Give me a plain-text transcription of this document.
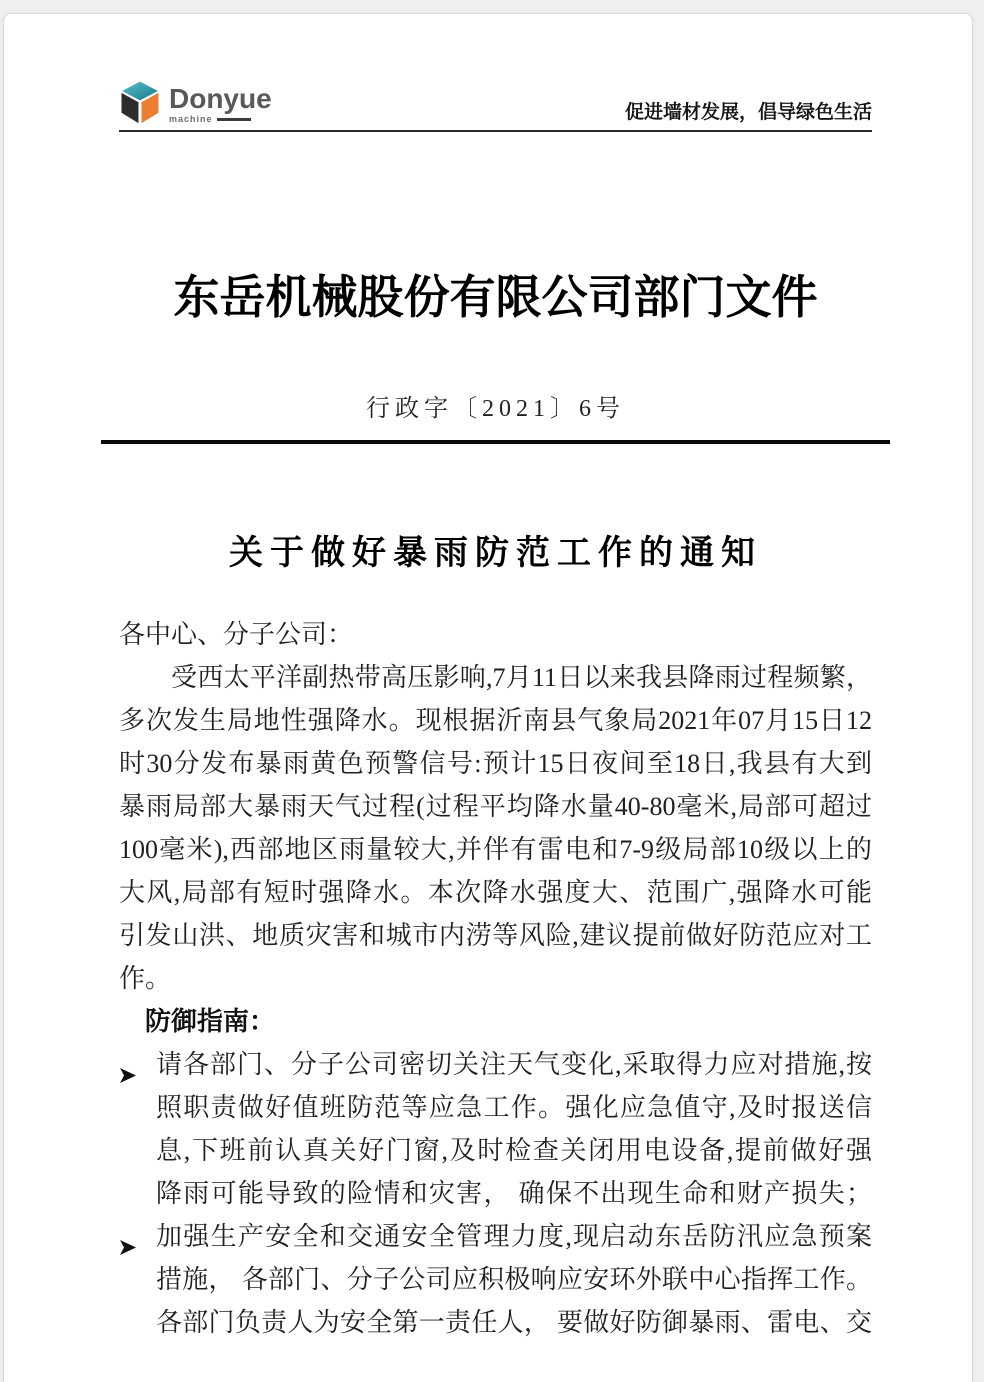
Donyue
machine	促进墙材发展，倡导绿色生活
东岳机械股份有限公司部门文件
行政字〔2021〕6号
关于做好暴雨防范工作的通知
各中心、分子公司：
受西太平洋副热带高压影响,7月11日以来我县降雨过程频繁，
多次发生局地性强降水。现根据沂南县气象局2021年07月15日12
时30分发布暴雨黄色预警信号:预计15日夜间至18日,我县有大到
暴雨局部大暴雨天气过程(过程平均降水量40-80毫米,局部可超过
100毫米),西部地区雨量较大,并伴有雷电和7-9级局部10级以上的
大风,局部有短时强降水。本次降水强度大、范围广,强降水可能
引发山洪、地质灾害和城市内涝等风险,建议提前做好防范应对工
作。
防御指南：
请各部门、分子公司密切关注天气变化,采取得力应对措施,按
照职责做好值班防范等应急工作。强化应急值守,及时报送信
息,下班前认真关好门窗,及时检查关闭用电设备,提前做好强
降雨可能导致的险情和灾害， 确保不出现生命和财产损失；
加强生产安全和交通安全管理力度,现启动东岳防汛应急预案
措施， 各部门、分子公司应积极响应安环外联中心指挥工作。
各部门负责人为安全第一责任人， 要做好防御暴雨、雷电、交
